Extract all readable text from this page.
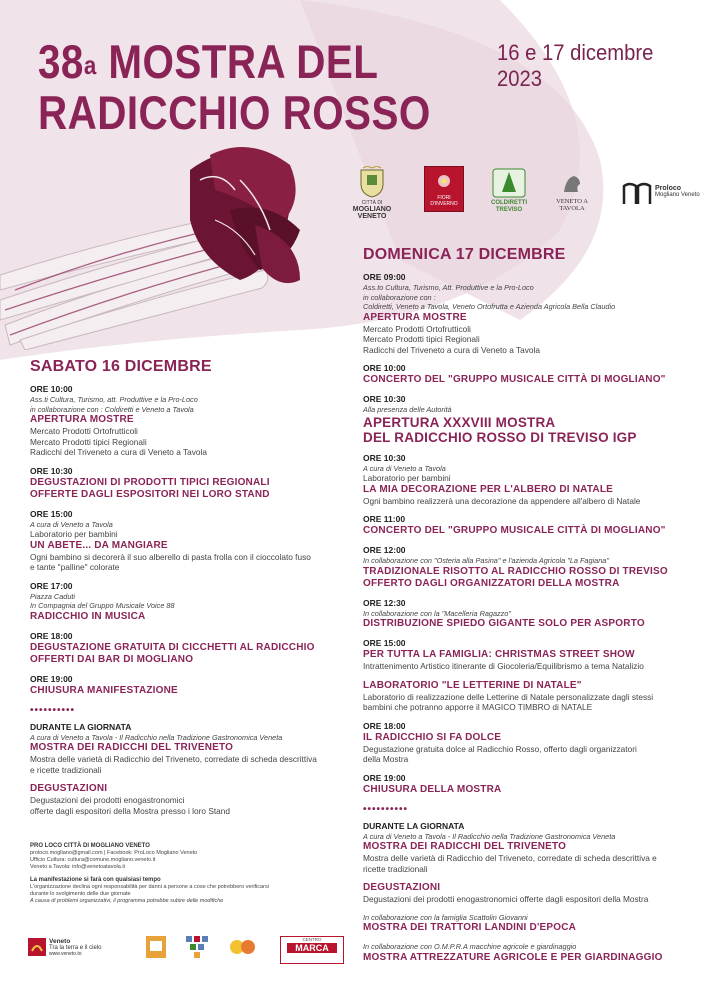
38$^a$ MOSTRA DEL
RADICCHIO ROSSO
16 e 17 dicembre 2023
CITTÀ DI
MOGLIANO VENETO
FIORI D'INVERNO	COLDIRETTI TREVISO
VENETO A TAVOLA
Proloco
Mogliano Veneto
SABATO 16 DICEMBRE
ORE 10:00
Ass.ti Cultura, Turismo, att. Produttive e la Pro-Loco
in collaborazione con : Coldiretti e Veneto a Tavola
APERTURA MOSTRE
Mercato Prodotti Ortofrutticoli
Mercato Prodotti tipici Regionali
Radicchi del Triveneto a cura di Veneto a Tavola
ORE 10:30
DEGUSTAZIONI DI PRODOTTI TIPICI REGIONALI
OFFERTE DAGLI ESPOSITORI NEI LORO STAND
ORE 15:00
A cura di Veneto a Tavola
Laboratorio per bambini
UN ABETE... DA MANGIARE
Ogni bambino si decorerà il suo alberello di pasta frolla con il cioccolato fuso
e tante "palline" colorate
ORE 17:00
Piazza Caduti
In Compagnia del Gruppo Musicale Voice 88
RADICCHIO IN MUSICA
ORE 18:00
DEGUSTAZIONE GRATUITA DI CICCHETTI AL RADICCHIO
OFFERTI DAI BAR DI MOGLIANO
ORE 19:00
CHIUSURA MANIFESTAZIONE
••••••••••
DURANTE LA GIORNATA
A cura di Veneto a Tavola - Il Radicchio nella Tradizione Gastronomica Veneta
MOSTRA DEI RADICCHI DEL TRIVENETO
Mostra delle varietà di Radicchio del Triveneto, corredate di scheda descrittiva
e ricette tradizionali
DEGUSTAZIONI
Degustazioni dei prodotti enogastronomici
offerte dagli espositori della Mostra presso i loro Stand
DOMENICA 17 DICEMBRE
ORE 09:00
Ass.to Cultura, Turismo, Att. Produttive e la Pro-Loco
in collaborazione con :
Coldiretti, Veneto a Tavola, Veneto Ortofrutta e Azienda Agricola Bella Claudio
APERTURA MOSTRE
Mercato Prodotti Ortofrutticoli
Mercato Prodotti tipici Regionali
Radicchi del Triveneto a cura di Veneto a Tavola
ORE 10:00
CONCERTO DEL "GRUPPO MUSICALE CITTÀ DI MOGLIANO"
ORE 10:30
Alla presenza delle Autorità
APERTURA XXXVIII MOSTRA
DEL RADICCHIO ROSSO DI TREVISO IGP
ORE 10:30
A cura di Veneto a Tavola
Laboratorio per bambini
LA MIA DECORAZIONE PER L'ALBERO DI NATALE
Ogni bambino realizzerà una decorazione da appendere all'albero di Natale
ORE 11:00
CONCERTO DEL "GRUPPO MUSICALE CITTÀ DI MOGLIANO"
ORE 12:00
In collaborazione con "Osteria alla Pasina" e l'azienda Agricola "La Fagiana"
TRADIZIONALE RISOTTO AL RADICCHIO ROSSO DI TREVISO
OFFERTO DAGLI ORGANIZZATORI DELLA MOSTRA
ORE 12:30
In collaborazione con la "Macelleria Ragazzo"
DISTRIBUZIONE SPIEDO GIGANTE SOLO PER ASPORTO
ORE 15:00
PER TUTTA LA FAMIGLIA: CHRISTMAS STREET SHOW
Intrattenimento Artistico itinerante di Giocoleria/Equilibrismo a tema Natalizio
LABORATORIO "LE LETTERINE DI NATALE"
Laboratorio di realizzazione delle Letterine di Natale personalizzate dagli stessi
bambini che potranno apporre il MAGICO TIMBRO di NATALE
ORE 18:00
IL RADICCHIO SI FA DOLCE
Degustazione gratuita dolce al Radicchio Rosso, offerto dagli organizzatori
della Mostra
ORE 19:00
CHIUSURA DELLA MOSTRA
••••••••••
DURANTE LA GIORNATA
A cura di Veneto a Tavola - Il Radicchio nella Tradizione Gastronomica Veneta
MOSTRA DEI RADICCHI DEL TRIVENETO
Mostra delle varietà di Radicchio del Triveneto, corredate di scheda descrittiva e
ricette tradizionali
DEGUSTAZIONI
Degustazioni dei prodotti enogastronomici offerte dagli espositori della Mostra
In collaborazione con la famiglia Scattolin Giovanni
MOSTRA DEI TRATTORI LANDINI D'EPOCA
In collaborazione con O.M.P.R.A macchine agricole e giardinaggio
MOSTRA ATTREZZATURE AGRICOLE E PER GIARDINAGGIO
PRO LOCO CITTÀ DI MOGLIANO VENETO
proloco.mogliano@gmail.com | Facebook: ProLoco Mogliano Veneto
Ufficio Cultura: cultura@comune.mogliano.veneto.it
Veneto a Tavola: info@venetoatavola.it
La manifestazione si farà con qualsiasi tempo
L'organizzazione declina ogni responsabilità per danni a persone a cose che potrebbero verificarsi
durante lo svolgimento delle due giornate
A causa di problemi organizzativi, il programma potrebbe subire delle modifiche
Veneto
Tra la terra e il cielo
www.veneto.to
CENTRO
MARCA
